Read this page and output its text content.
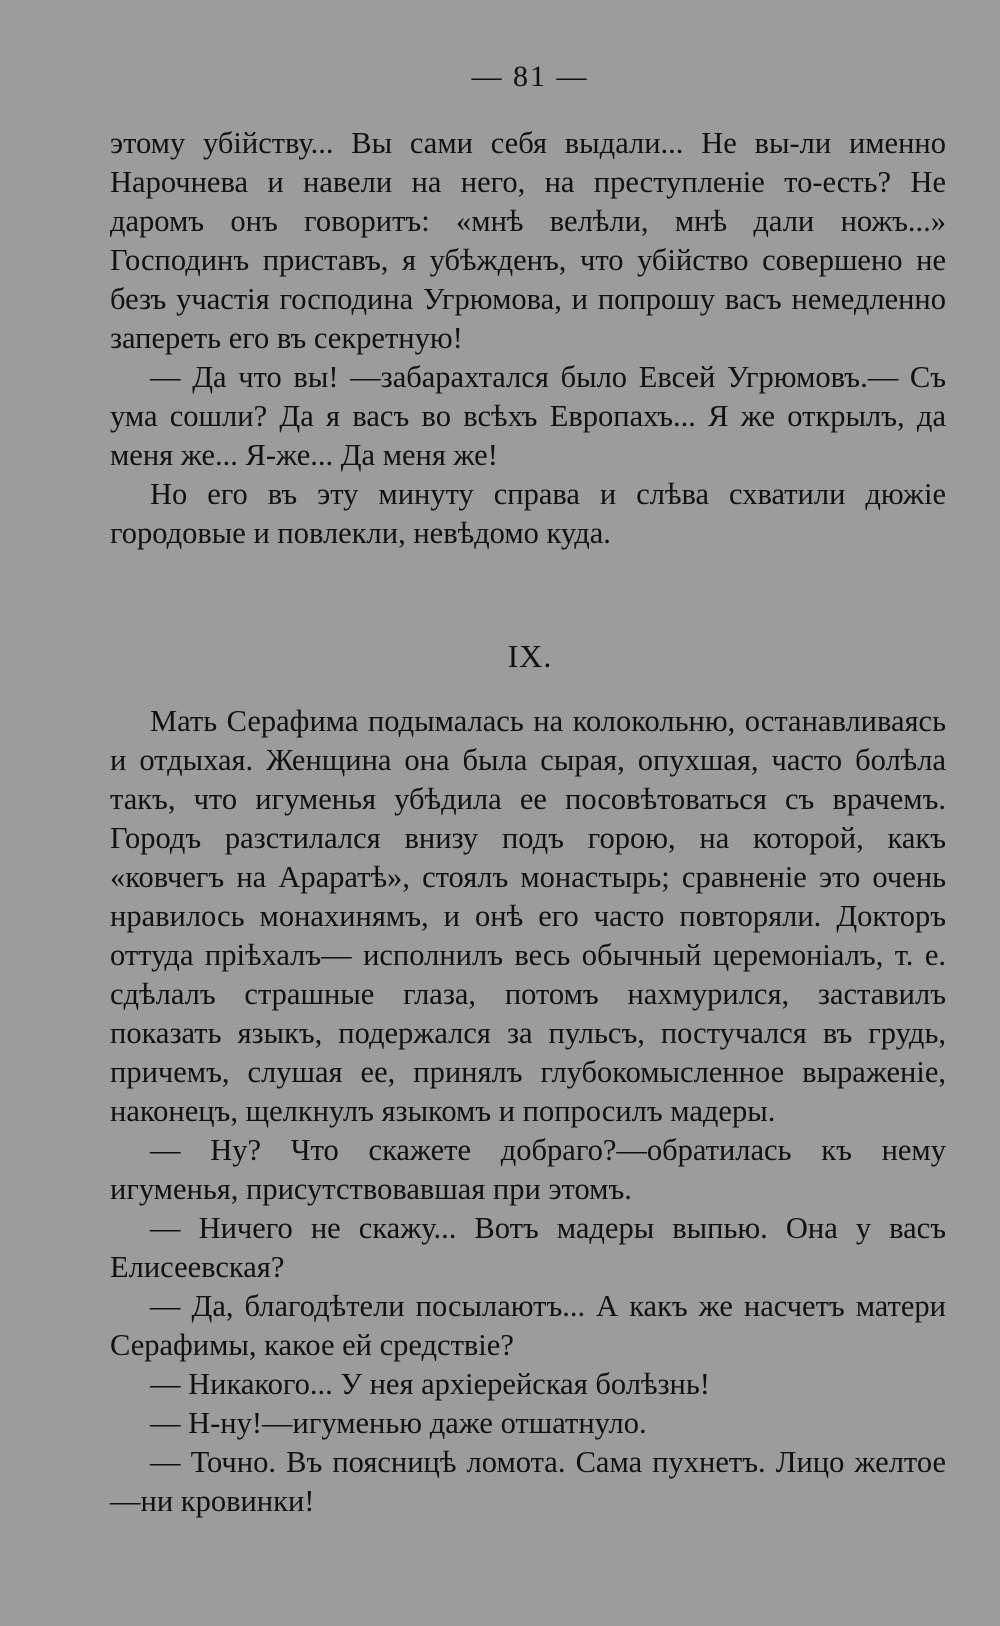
— 81 —

этому убійству... Вы сами себя выдали... Не вы-ли именно Нарочнева и навели на него, на преступленіе то-есть? Не даромъ онъ говоритъ: «мнѣ велѣли, мнѣ дали ножъ...» Господинъ приставъ, я убѣжденъ, что убійство совершено не безъ участія господина Угрюмова, и попрошу васъ немедленно запереть его въ секретную!

— Да что вы! —забарахтался было Евсей Угрюмовъ.— Съ ума сошли? Да я васъ во всѣхъ Европахъ... Я же открылъ, да меня же... Я-же... Да меня же!

Но его въ эту минуту справа и слѣва схватили дюжіе городовые и повлекли, невѣдомо куда.

IX.

Мать Серафима подымалась на колокольню, останавливаясь и отдыхая. Женщина она была сырая, опухшая, часто болѣла такъ, что игуменья убѣдила ее посовѣтоваться съ врачемъ. Городъ разстилался внизу подъ горою, на которой, какъ «ковчегъ на Араратѣ», стоялъ монастырь; сравненіе это очень нравилось монахинямъ, и онѣ его часто повторяли. Докторъ оттуда пріѣхалъ— исполнилъ весь обычный церемоніалъ, т. е. сдѣлалъ страшные глаза, потомъ нахмурился, заставилъ показать языкъ, подержался за пульсъ, постучался въ грудь, причемъ, слушая ее, принялъ глубокомысленное выраженіе, наконецъ, щелкнулъ языкомъ и попросилъ мадеры.

— Ну? Что скажете добраго?—обратилась къ нему игуменья, присутствовавшая при этомъ.

— Ничего не скажу... Вотъ мадеры выпью. Она у васъ Елисеевская?

— Да, благодѣтели посылаютъ... А какъ же насчетъ матери Серафимы, какое ей средствіе?

— Никакого... У нея архіерейская болѣзнь!

— Н-ну!—игуменью даже отшатнуло.

— Точно. Въ поясницѣ ломота. Сама пухнетъ. Лицо желтое—ни кровинки!
